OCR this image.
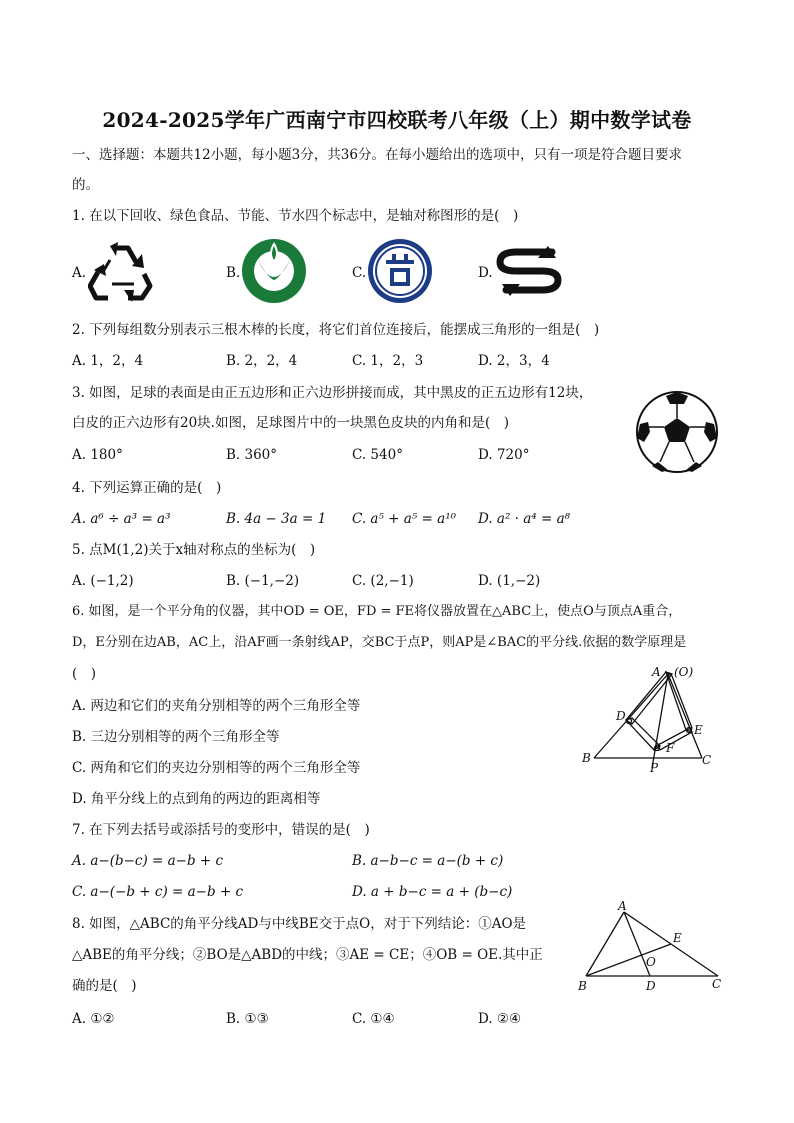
2024-2025学年广西南宁市四校联考八年级（上）期中数学试卷
一、选择题：本题共12小题，每小题3分，共36分。在每小题给出的选项中，只有一项是符合题目要求
的。
1. 在以下回收、绿色食品、节能、节水四个标志中，是轴对称图形的是(　)
A.	B.	C.	D.
2. 下列每组数分别表示三根木棒的长度，将它们首位连接后，能摆成三角形的一组是(　)
A. 1，2，4	B. 2，2，4	C. 1，2，3	D. 2，3，4
3. 如图，足球的表面是由正五边形和正六边形拼接而成，其中黑皮的正五边形有12块，
白皮的正六边形有20块.如图，足球图片中的一块黑色皮块的内角和是(　)
A. 180°	B. 360°	C. 540°	D. 720°
4. 下列运算正确的是(　)
A. a⁶ ÷ a³ = a³	B. 4a − 3a = 1 C. a⁵ + a⁵ = a¹⁰ D. a² · a⁴ = a⁸
5. 点M(1,2)关于x轴对称点的坐标为(　)
A. (−1,2)	B. (−1,−2)	C. (2,−1)	D. (1,−2)
6. 如图，是一个平分角的仪器，其中OD = OE，FD = FE将仪器放置在△ABC上，使点O与顶点A重合，
D，E分别在边AB，AC上，沿AF画一条射线AP，交BC于点P，则AP是∠BAC的平分线.依据的数学原理是
(　)
A. 两边和它们的夹角分别相等的两个三角形全等
B. 三边分别相等的两个三角形全等
C. 两角和它们的夹边分别相等的两个三角形全等
D. 角平分线上的点到角的两边的距离相等
A (O)
B	C
D
E
F
P
7. 在下列去括号或添括号的变形中，错误的是(　)
A. a−(b−c) = a−b + c	B. a−b−c = a−(b + c)
C. a−(−b + c) = a−b + c	D. a + b−c = a + (b−c)
8. 如图，△ABC的角平分线AD与中线BE交于点O，对于下列结论：①AO是
△ABE的角平分线；②BO是△ABD的中线；③AE = CE；④OB = OE.其中正
确的是(　)
A. ①②	B. ①③	C. ①④	D. ②④
A
B	C
D
E
O
